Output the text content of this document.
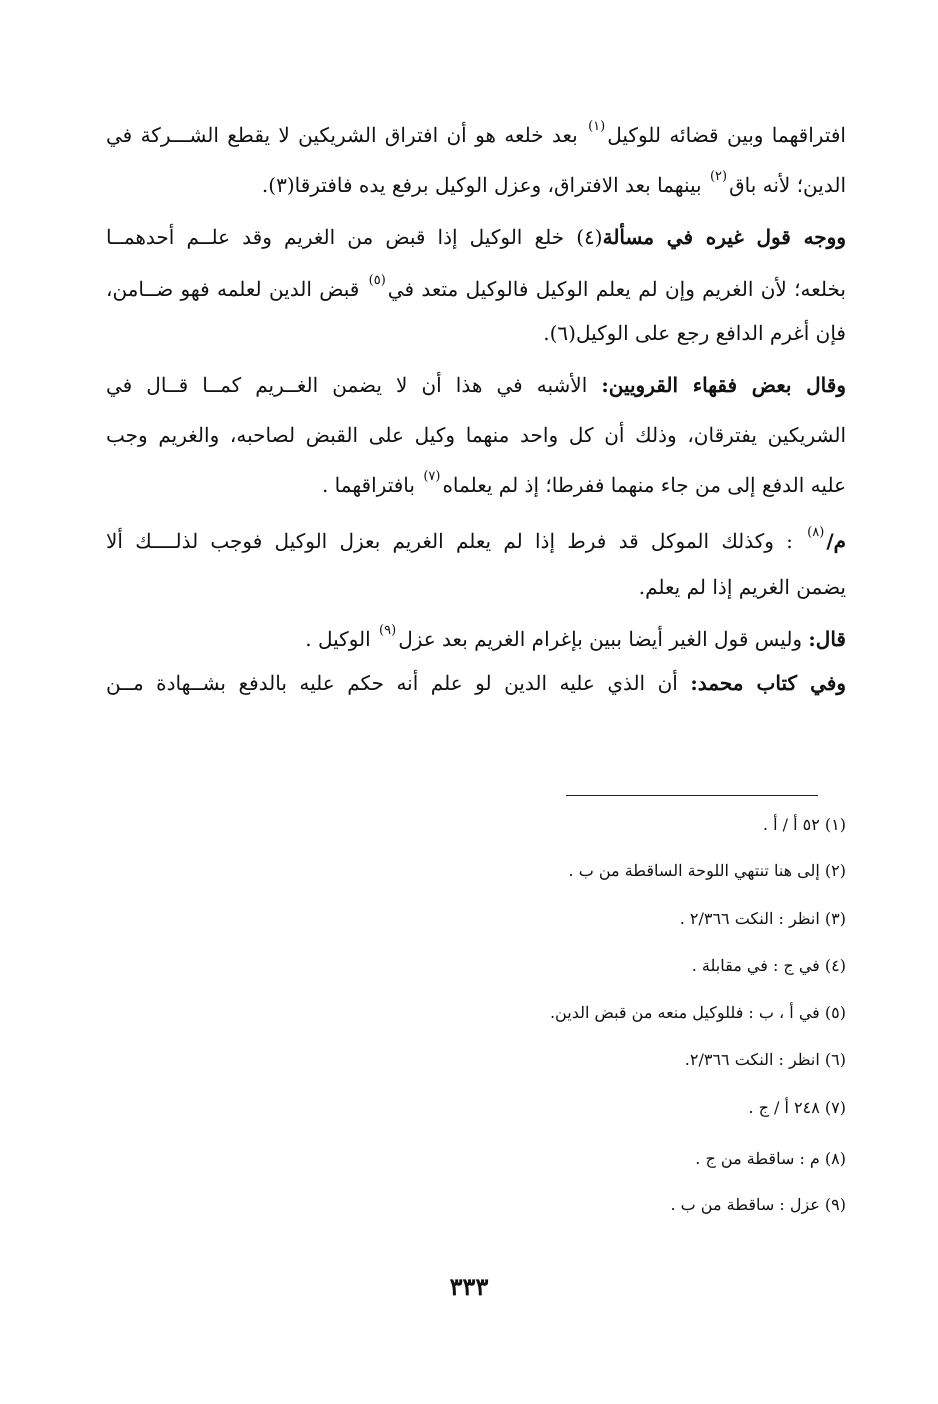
افتراقهما وبين قضائه للوكيل(١) بعد خلعه هو أن افتراق الشريكين لا يقطع الشـــركة في
الدين؛ لأنه باق(٢) بينهما بعد الافتراق، وعزل الوكيل برفع يده فافترقا(٣).
ووجه قول غيره في مسألة(٤) خلع الوكيل إذا قبض من الغريم وقد علــم أحدهمــا
بخلعه؛ لأن الغريم وإن لم يعلم الوكيل فالوكيل متعد في(٥) قبض الدين لعلمه فهو ضــامن،
فإن أغرم الدافع رجع على الوكيل(٦).
وقال بعض فقهاء القرويين: الأشبه في هذا أن لا يضمن الغــريم كمــا قــال في
الشريكين يفترقان، وذلك أن كل واحد منهما وكيل على القبض لصاحبه، والغريم وجب
عليه الدفع إلى من جاء منهما ففرطا؛ إذ لم يعلماه(٧) بافتراقهما .
م/(٨) : وكذلك الموكل قد فرط إذا لم يعلم الغريم بعزل الوكيل فوجب لذلــــك ألا
يضمن الغريم إذا لم يعلم.
قال: وليس قول الغير أيضا ببين بإغرام الغريم بعد عزل(٩) الوكيل .
وفي كتاب محمد: أن الذي عليه الدين لو علم أنه حكم عليه بالدفع بشــهادة مــن
(١) ٥٢ أ / أ .
(٢) إلى هنا تنتهي اللوحة الساقطة من ب .
(٣) انظر : النكت ٢/٣٦٦ .
(٤) في ج : في مقابلة .
(٥) في أ ، ب : فللوكيل منعه من قبض الدين.
(٦) انظر : النكت ٢/٣٦٦.
(٧) ٢٤٨ أ / ج .
(٨) م : ساقطة من ج .
(٩) عزل : ساقطة من ب .
٣٣٣
